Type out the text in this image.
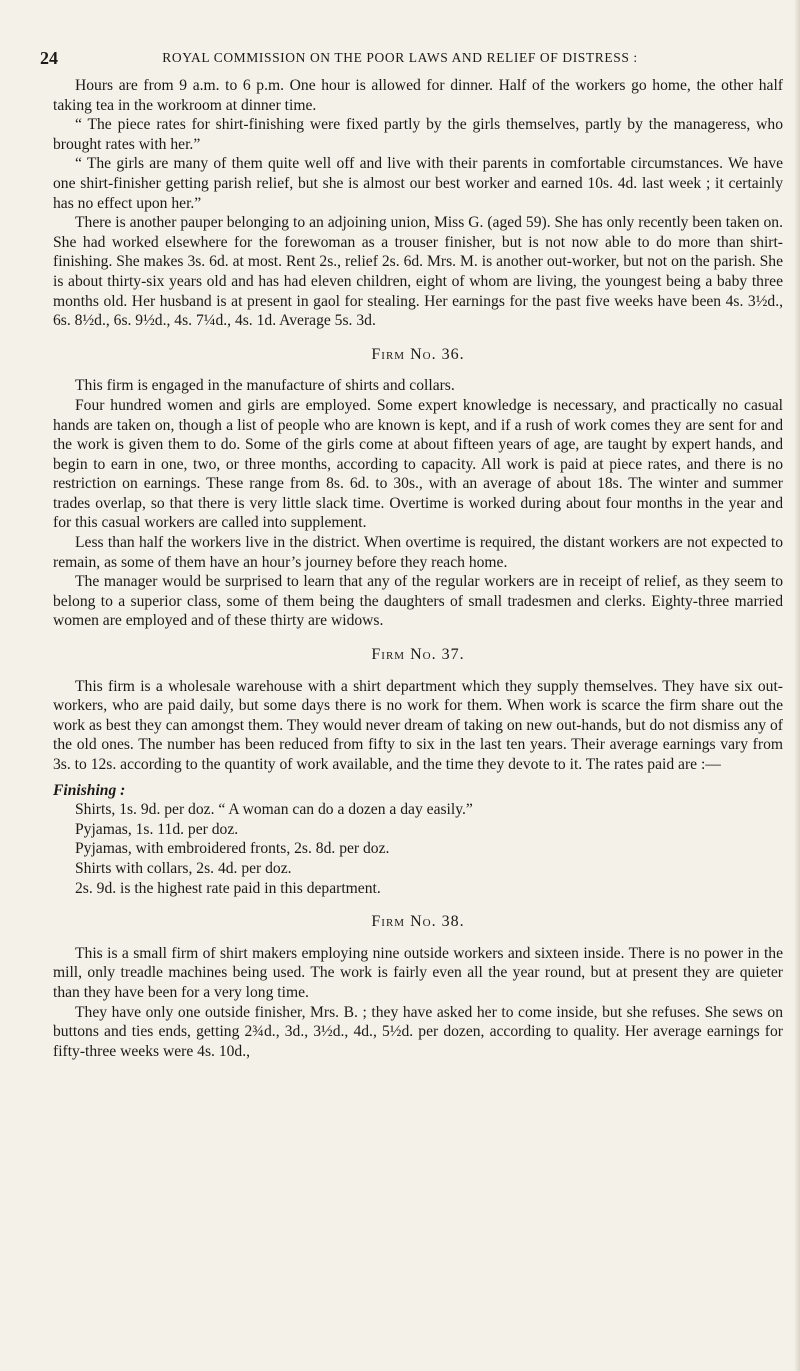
24	ROYAL COMMISSION ON THE POOR LAWS AND RELIEF OF DISTRESS :

Hours are from 9 a.m. to 6 p.m. One hour is allowed for dinner. Half of the workers go home, the other half taking tea in the workroom at dinner time.

“ The piece rates for shirt-finishing were fixed partly by the girls themselves, partly by the manageress, who brought rates with her.”

“ The girls are many of them quite well off and live with their parents in comfortable circumstances. We have one shirt-finisher getting parish relief, but she is almost our best worker and earned 10s. 4d. last week ; it certainly has no effect upon her.”

There is another pauper belonging to an adjoining union, Miss G. (aged 59). She has only recently been taken on. She had worked elsewhere for the forewoman as a trouser finisher, but is not now able to do more than shirt-finishing. She makes 3s. 6d. at most. Rent 2s., relief 2s. 6d. Mrs. M. is another out-worker, but not on the parish. She is about thirty-six years old and has had eleven children, eight of whom are living, the youngest being a baby three months old. Her husband is at present in gaol for stealing. Her earnings for the past five weeks have been 4s. 3½d., 6s. 8½d., 6s. 9½d., 4s. 7¼d., 4s. 1d. Average 5s. 3d.

Firm No. 36.

This firm is engaged in the manufacture of shirts and collars.

Four hundred women and girls are employed. Some expert knowledge is necessary, and practically no casual hands are taken on, though a list of people who are known is kept, and if a rush of work comes they are sent for and the work is given them to do. Some of the girls come at about fifteen years of age, are taught by expert hands, and begin to earn in one, two, or three months, according to capacity. All work is paid at piece rates, and there is no restriction on earnings. These range from 8s. 6d. to 30s., with an average of about 18s. The winter and summer trades overlap, so that there is very little slack time. Overtime is worked during about four months in the year and for this casual workers are called into supplement.

Less than half the workers live in the district. When overtime is required, the distant workers are not expected to remain, as some of them have an hour’s journey before they reach home.

The manager would be surprised to learn that any of the regular workers are in receipt of relief, as they seem to belong to a superior class, some of them being the daughters of small tradesmen and clerks. Eighty-three married women are employed and of these thirty are widows.

Firm No. 37.

This firm is a wholesale warehouse with a shirt department which they supply themselves. They have six out-workers, who are paid daily, but some days there is no work for them. When work is scarce the firm share out the work as best they can amongst them. They would never dream of taking on new out-hands, but do not dismiss any of the old ones. The number has been reduced from fifty to six in the last ten years. Their average earnings vary from 3s. to 12s. according to the quantity of work available, and the time they devote to it. The rates paid are :—

Finishing :

Shirts, 1s. 9d. per doz. “ A woman can do a dozen a day easily.”

Pyjamas, 1s. 11d. per doz.

Pyjamas, with embroidered fronts, 2s. 8d. per doz.

Shirts with collars, 2s. 4d. per doz.

2s. 9d. is the highest rate paid in this department.

Firm No. 38.

This is a small firm of shirt makers employing nine outside workers and sixteen inside. There is no power in the mill, only treadle machines being used. The work is fairly even all the year round, but at present they are quieter than they have been for a very long time.

They have only one outside finisher, Mrs. B. ; they have asked her to come inside, but she refuses. She sews on buttons and ties ends, getting 2¾d., 3d., 3½d., 4d., 5½d. per dozen, according to quality. Her average earnings for fifty-three weeks were 4s. 10d.,
